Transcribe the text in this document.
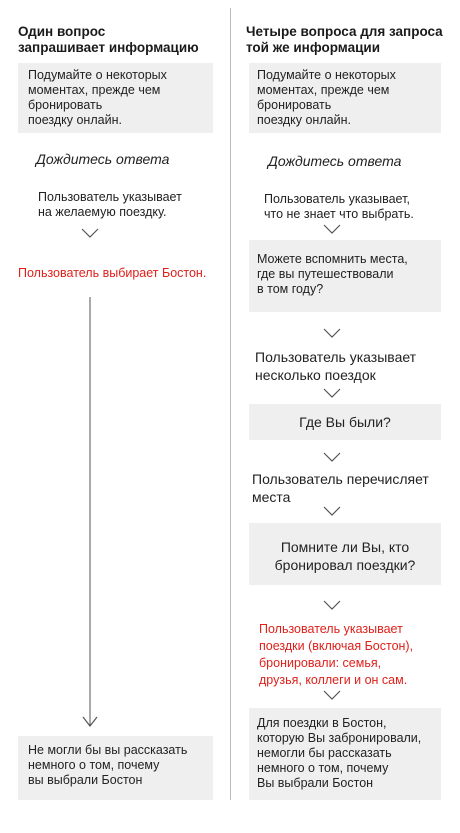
Один вопрос
запрашивает информацию
Подумайте о некоторых
моментах, прежде чем
бронировать
поездку онлайн.
Дождитесь ответа
Пользователь указывает
на желаемую поездку.
Пользователь выбирает Бостон.
Не могли бы вы рассказать
немного о том, почему
вы выбрали Бостон
Четыре вопроса для запроса
той же информации
Подумайте о некоторых
моментах, прежде чем
бронировать
поездку онлайн.
Дождитесь ответа
Пользователь указывает,
что не знает что выбрать.
Можете вспомнить места,
где вы путешествовали
в том году?
Пользователь указывает
несколько поездок
Где Вы были?
Пользователь перечисляет
места
Помните ли Вы, кто
бронировал поездки?
Пользователь указывает
поездки (включая Бостон),
бронировали: семья,
друзья, коллеги и он сам.
Для поездки в Бостон,
которую Вы забронировали,
немогли бы рассказать
немного о том, почему
Вы выбрали Бостон
